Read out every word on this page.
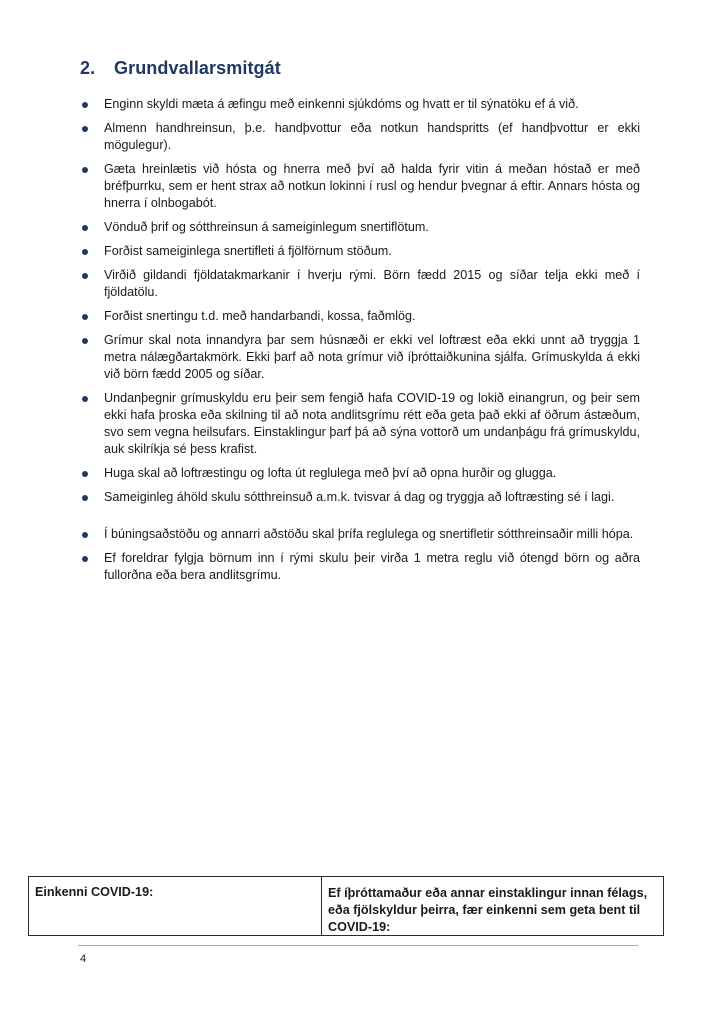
2. Grundvallarsmitgát
Enginn skyldi mæta á æfingu með einkenni sjúkdóms og hvatt er til sýnatöku ef á við.
Almenn handhreinsun, þ.e. handþvottur eða notkun handspritts (ef handþvottur er ekki mögulegur).
Gæta hreinlætis við hósta og hnerra með því að halda fyrir vitin á meðan hóstað er með bréfþurrku, sem er hent strax að notkun lokinni í rusl og hendur þvegnar á eftir. Annars hósta og hnerra í olnbogabót.
Vönduð þrif og sótthreinsun á sameiginlegum snertiflötum.
Forðist sameiginlega snertifleti á fjölförnum stöðum.
Virðið gildandi fjöldatakmarkanir í hverju rými. Börn fædd 2015 og síðar telja ekki með í fjöldatölu.
Forðist snertingu t.d. með handarbandi, kossa, faðmlög.
Grímur skal nota innandyra þar sem húsnæði er ekki vel loftræst eða ekki unnt að tryggja 1 metra nálægðartakmörk. Ekki þarf að nota grímur við íþróttaiðkunina sjálfa. Grímuskylda á ekki við börn fædd 2005 og síðar.
Undanþegnir grímuskyldu eru þeir sem fengið hafa COVID-19 og lokið einangrun, og þeir sem ekki hafa þroska eða skilning til að nota andlitsgrímu rétt eða geta það ekki af öðrum ástæðum, svo sem vegna heilsufars. Einstaklingur þarf þá að sýna vottorð um undanþágu frá grímuskyldu, auk skilríkja sé þess krafist.
Huga skal að loftræstingu og lofta út reglulega með því að opna hurðir og glugga.
Sameiginleg áhöld skulu sótthreinsuð a.m.k. tvisvar á dag og tryggja að loftræsting sé í lagi.
Í búningsaðstöðu og annarri aðstöðu skal þrífa reglulega og snertifletir sótthreinsaðir milli hópa.
Ef foreldrar fylgja börnum inn í rými skulu þeir virða 1 metra reglu við ótengd börn og aðra fullorðna eða bera andlitsgrímu.
Einkenni COVID-19:	Ef íþróttamaður eða annar einstaklingur innan félags, eða fjölskyldur þeirra, fær einkenni sem geta bent til COVID-19:
4
